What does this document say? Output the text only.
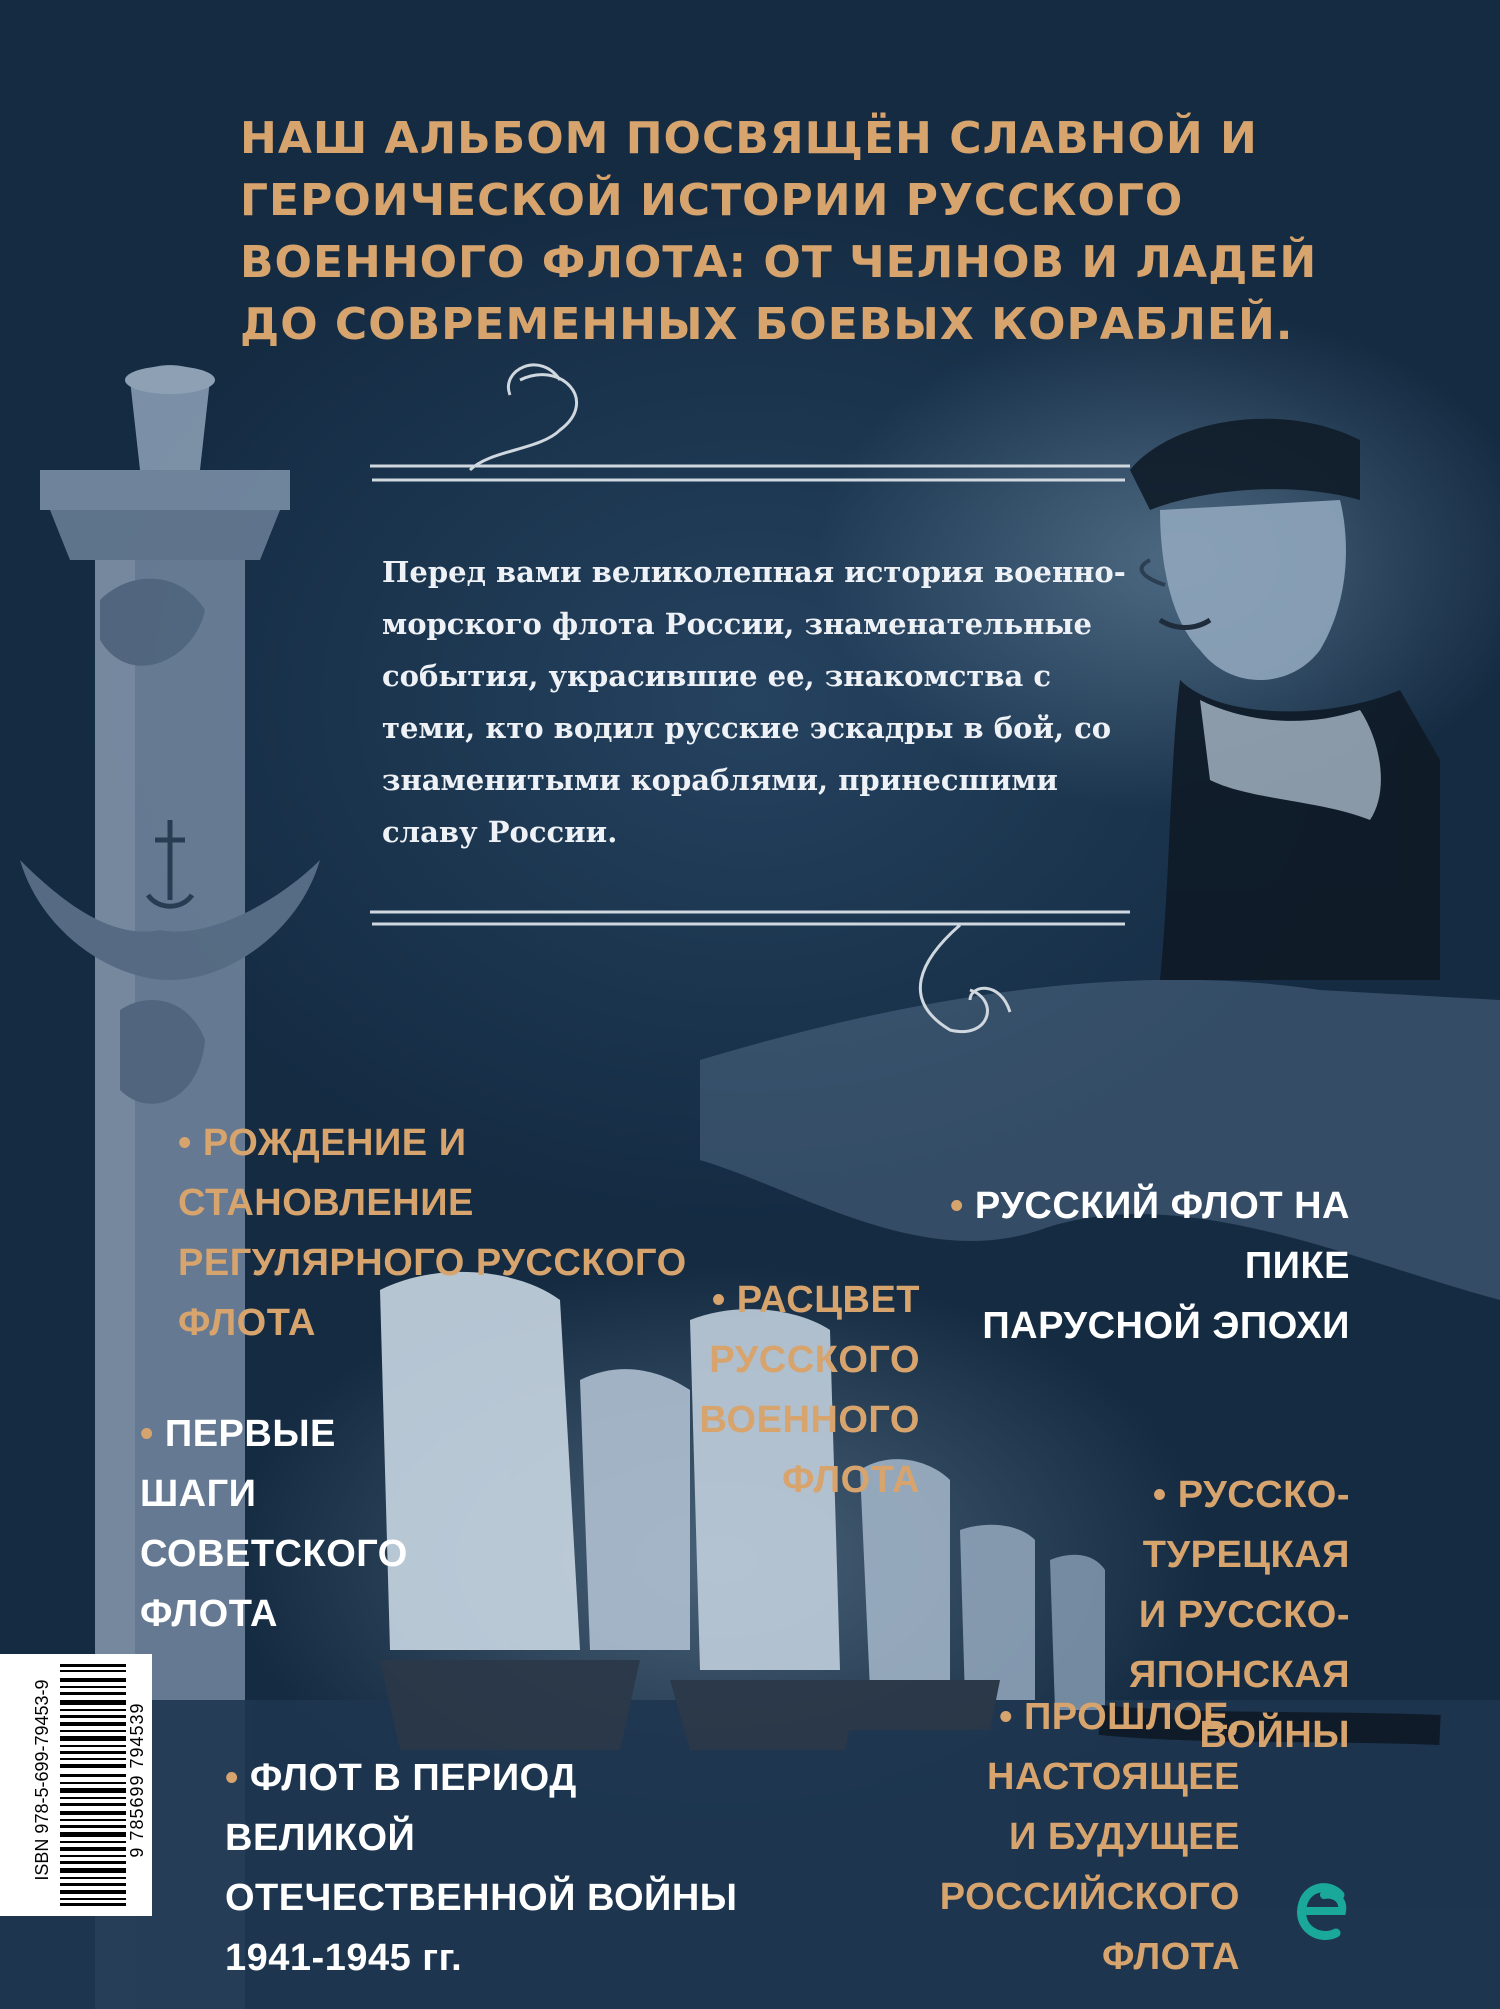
НАШ АЛЬБОМ ПОСВЯЩЁН СЛАВНОЙ И ГЕРОИЧЕСКОЙ ИСТОРИИ РУССКОГО ВОЕННОГО ФЛОТА: ОТ ЧЕЛНОВ И ЛАДЕЙ ДО СОВРЕМЕННЫХ БОЕВЫХ КОРАБЛЕЙ.
Перед вами великолепная история военно-морского флота России, знаменательные события, украсившие ее, знакомства с теми, кто водил русские эскадры в бой, со знаменитыми кораблями, принесшими славу России.
• РОЖДЕНИЕ И СТАНОВЛЕНИЕ
РЕГУЛЯРНОГО РУССКОГО
ФЛОТА
• РУССКИЙ ФЛОТ НА ПИКЕ
ПАРУСНОЙ ЭПОХИ
• РАСЦВЕТ РУССКОГО
ВОЕННОГО ФЛОТА
• ПЕРВЫЕ ШАГИ
СОВЕТСКОГО
ФЛОТА
• РУССКО-ТУРЕЦКАЯ
И РУССКО-ЯПОНСКАЯ
ВОЙНЫ
• ПРОШЛОЕ, НАСТОЯЩЕЕ
И БУДУЩЕЕ РОССИЙСКОГО
ФЛОТА
• ФЛОТ В ПЕРИОД ВЕЛИКОЙ
ОТЕЧЕСТВЕННОЙ ВОЙНЫ
1941-1945 гг.
ISBN 978-5-699-79453-9	9 785699 794539
